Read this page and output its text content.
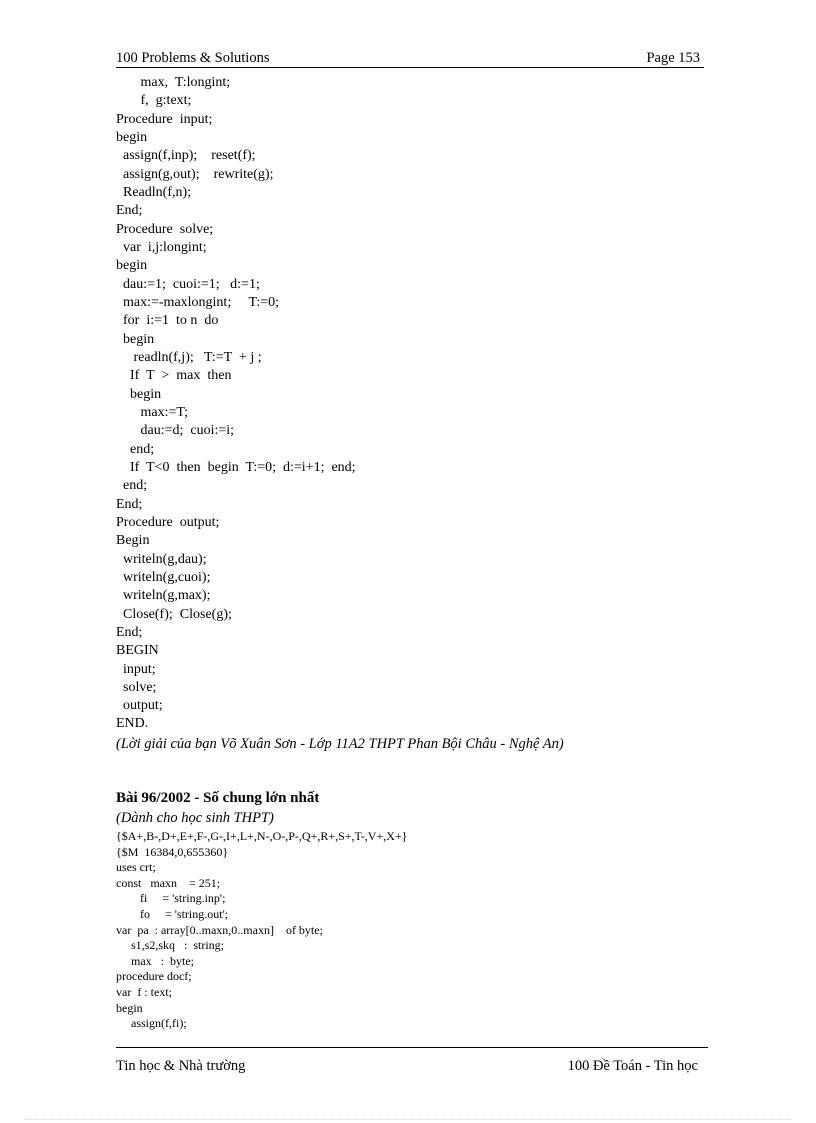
100 Problems & Solutions	Page 153
max,  T:longint;
f,  g:text;
Procedure  input;
begin
assign(f,inp);    reset(f);
assign(g,out);    rewrite(g);
Readln(f,n);
End;
Procedure  solve;
var  i,j:longint;
begin
dau:=1;  cuoi:=1;   d:=1;
max:=-maxlongint;     T:=0;
for  i:=1  to n  do
begin
readln(f,j);   T:=T  + j ;
If  T  >  max  then
begin
max:=T;
dau:=d;  cuoi:=i;
end;
If  T<0  then  begin  T:=0;  d:=i+1;  end;
end;
End;
Procedure  output;
Begin
writeln(g,dau);
writeln(g,cuoi);
writeln(g,max);
Close(f);  Close(g);
End;
BEGIN
input;
solve;
output;
END.
(Lời giải của bạn Võ Xuân Sơn - Lớp 11A2 THPT Phan Bội Châu - Nghệ An)
Bài 96/2002 - Số chung lớn nhất
(Dành cho học sinh THPT)
{$A+,B-,D+,E+,F-,G-,I+,L+,N-,O-,P-,Q+,R+,S+,T-,V+,X+}
{$M  16384,0,655360}
uses crt;
const   maxn    = 251;
fi     = 'string.inp';
fo     = 'string.out';
var  pa  : array[0..maxn,0..maxn]    of byte;
s1,s2,skq   :  string;
max   :  byte;
procedure docf;
var  f : text;
begin
assign(f,fi);
Tin học & Nhà trường	100 Đề Toán - Tin học
